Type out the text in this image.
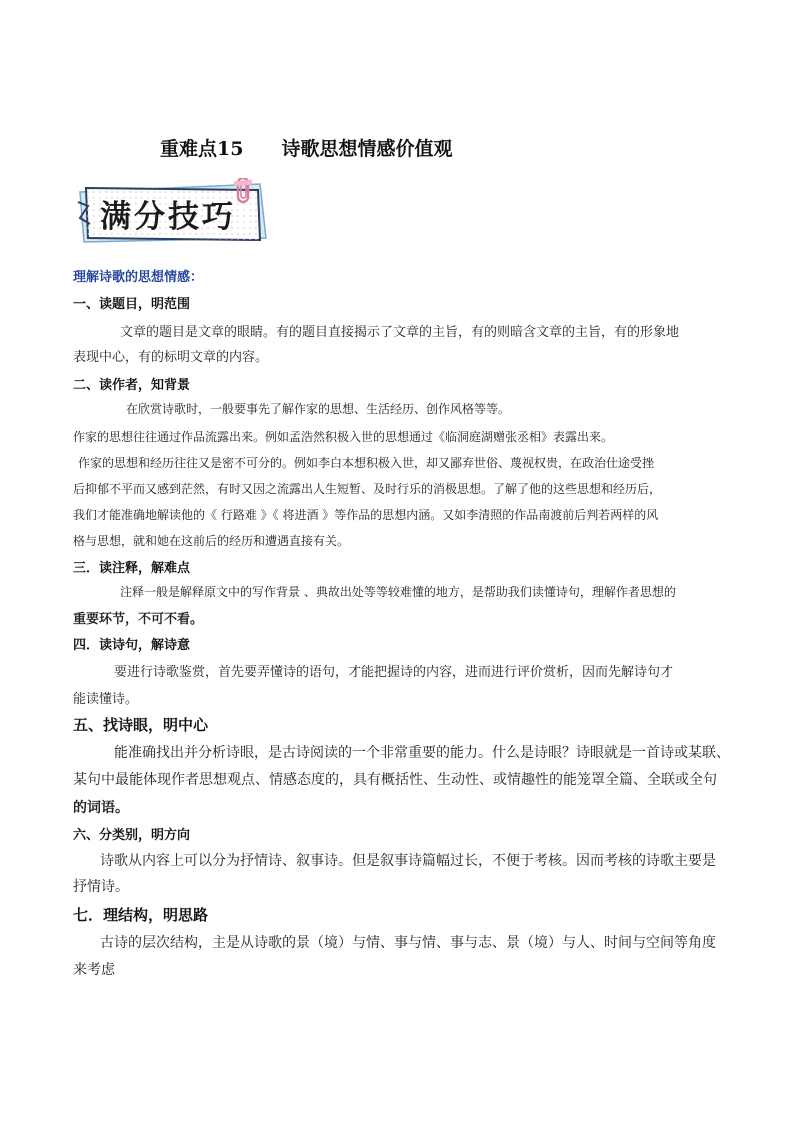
重难点15　　诗歌思想情感价值观
满分技巧
理解诗歌的思想情感：
一、读题目，明范围
文章的题目是文章的眼睛。有的题目直接揭示了文章的主旨，有的则暗含文章的主旨，有的形象地
表现中心，有的标明文章的内容。
二、读作者，知背景
在欣赏诗歌时，一般要事先了解作家的思想、生活经历、创作风格等等。
作家的思想往往通过作品流露出来。例如孟浩然积极入世的思想通过《临洞庭湖赠张丞相》表露出来。
作家的思想和经历往往又是密不可分的。例如李白本想积极入世，却又鄙弃世俗、蔑视权贵，在政治仕途受挫
后抑郁不平而又感到茫然，有时又因之流露出人生短暂、及时行乐的消极思想。了解了他的这些思想和经历后，
我们才能准确地解读他的《 行路难 》《 将进酒 》等作品的思想内涵。又如李清照的作品南渡前后判若两样的风
格与思想，就和她在这前后的经历和遭遇直接有关。
三．读注释，解难点
注释一般是解释原文中的写作背景 、典故出处等等较难懂的地方，是帮助我们读懂诗句，理解作者思想的
重要环节，不可不看。
四．读诗句，解诗意
要进行诗歌鉴赏，首先要弄懂诗的语句，才能把握诗的内容，进而进行评价赏析，因而先解诗句才
能读懂诗。
五、找诗眼，明中心
能准确找出并分析诗眼，是古诗阅读的一个非常重要的能力。什么是诗眼？诗眼就是一首诗或某联、
某句中最能体现作者思想观点、情感态度的，具有概括性、生动性、或情趣性的能笼罩全篇、全联或全句
的词语。
六、分类别，明方向
诗歌从内容上可以分为抒情诗、叙事诗。但是叙事诗篇幅过长，不便于考核。因而考核的诗歌主要是
抒情诗。
七．理结构，明思路
古诗的层次结构，主是从诗歌的景（境）与情、事与情、事与志、景（境）与人、时间与空间等角度
来考虑
